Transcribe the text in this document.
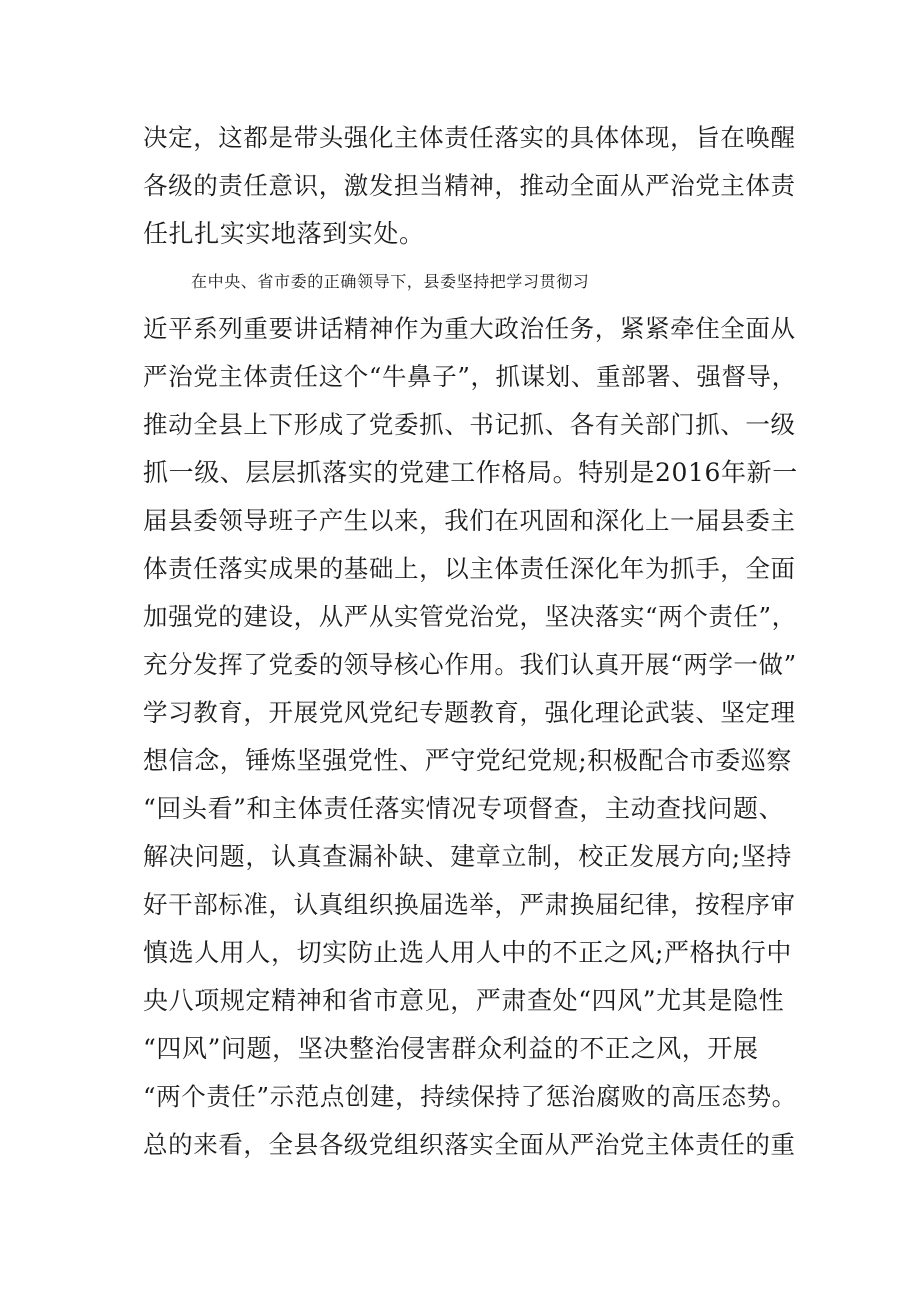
决定，这都是带头强化主体责任落实的具体体现，旨在唤醒

各级的责任意识，激发担当精神，推动全面从严治党主体责

任扎扎实实地落到实处。

在中央、省市委的正确领导下，县委坚持把学习贯彻习

近平系列重要讲话精神作为重大政治任务，紧紧牵住全面从

严治党主体责任这个“牛鼻子”，抓谋划、重部署、强督导，

推动全县上下形成了党委抓、书记抓、各有关部门抓、一级

抓一级、层层抓落实的党建工作格局。特别是2016年新一

届县委领导班子产生以来，我们在巩固和深化上一届县委主

体责任落实成果的基础上，以主体责任深化年为抓手，全面

加强党的建设，从严从实管党治党，坚决落实“两个责任”，

充分发挥了党委的领导核心作用。我们认真开展“两学一做”

学习教育，开展党风党纪专题教育，强化理论武装、坚定理

想信念，锤炼坚强党性、严守党纪党规;积极配合市委巡察

“回头看”和主体责任落实情况专项督查，主动查找问题、

解决问题，认真查漏补缺、建章立制，校正发展方向;坚持

好干部标准，认真组织换届选举，严肃换届纪律，按程序审

慎选人用人，切实防止选人用人中的不正之风;严格执行中

央八项规定精神和省市意见，严肃查处“四风”尤其是隐性

“四风”问题，坚决整治侵害群众利益的不正之风，开展

“两个责任”示范点创建，持续保持了惩治腐败的高压态势。

总的来看，全县各级党组织落实全面从严治党主体责任的重
